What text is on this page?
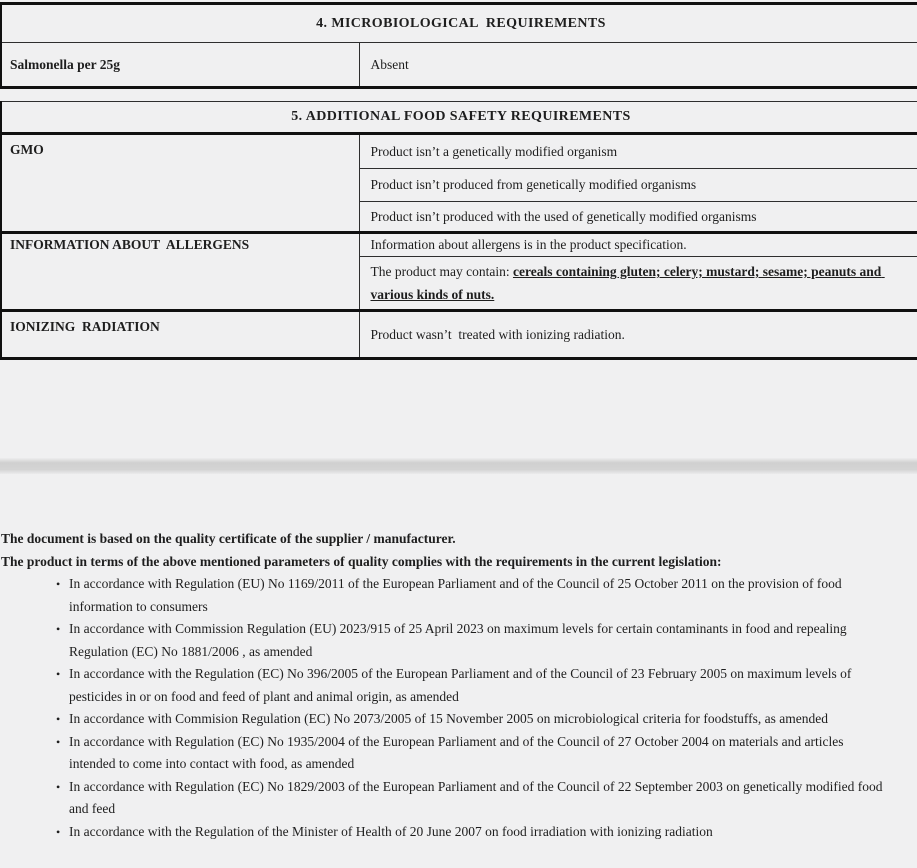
4. MICROBIOLOGICAL  REQUIREMENTS
Salmonella per 25g	Absent
5. ADDITIONAL FOOD SAFETY REQUIREMENTS	
GMO	Product isn’t a genetically modified organism
	Product isn’t produced from genetically modified organisms
	Product isn’t produced with the used of genetically modified organisms
INFORMATION ABOUT  ALLERGENS	Information about allergens is in the product specification.
	The product may contain: cereals containing gluten; celery; mustard; sesame; peanuts and various kinds of nuts.
IONIZING  RADIATION	Product wasn’t  treated with ionizing radiation.

The document is based on the quality certificate of the supplier / manufacturer.

The product in terms of the above mentioned parameters of quality complies with the requirements in the current legislation:

• In accordance with Regulation (EU) No 1169/2011 of the European Parliament and of the Council of 25 October 2011 on the provision of food information to consumers
• In accordance with Commission Regulation (EU) 2023/915 of 25 April 2023 on maximum levels for certain contaminants in food and repealing Regulation (EC) No 1881/2006 , as amended
• In accordance with the Regulation (EC) No 396/2005 of the European Parliament and of the Council of 23 February 2005 on maximum levels of pesticides in or on food and feed of plant and animal origin, as amended
• In accordance with Commision Regulation (EC) No 2073/2005 of 15 November 2005 on microbiological criteria for foodstuffs, as amended
• In accordance with Regulation (EC) No 1935/2004 of the European Parliament and of the Council of 27 October 2004 on materials and articles intended to come into contact with food, as amended
• In accordance with Regulation (EC) No 1829/2003 of the European Parliament and of the Council of 22 September 2003 on genetically modified food and feed
• In accordance with the Regulation of the Minister of Health of 20 June 2007 on food irradiation with ionizing radiation
